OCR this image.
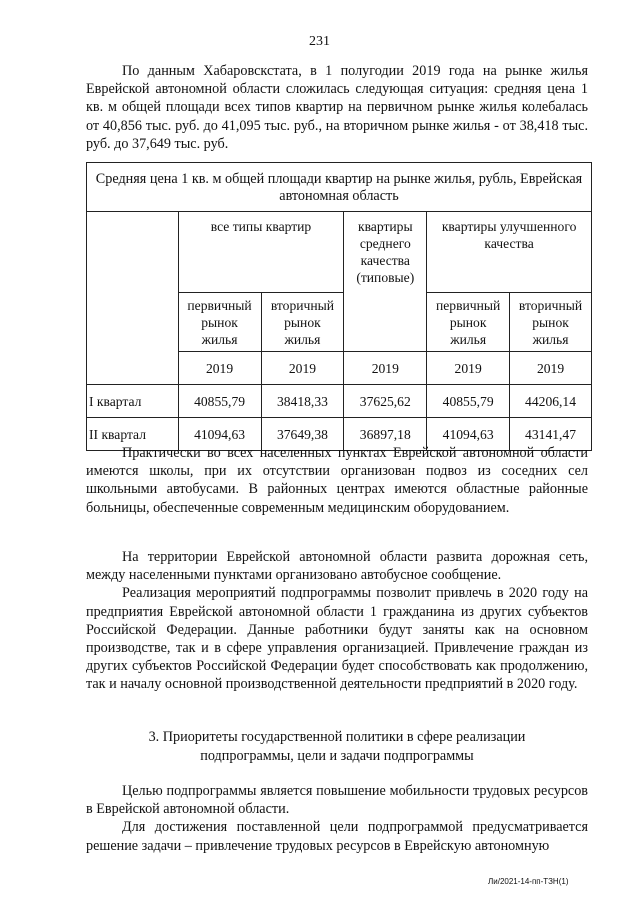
231

По данным Хабаровскстата, в 1 полугодии 2019 года на рынке жилья Еврейской автономной области сложилась следующая ситуация: средняя цена 1 кв. м общей площади всех типов квартир на первичном рынке жилья колебалась от 40,856 тыс. руб. до 41,095 тыс. руб., на вторичном рынке жилья - от 38,418 тыс. руб. до 37,649 тыс. руб.

Средняя цена 1 кв. м общей площади квартир на рынке жилья, рубль, Еврейская автономная область					
	все типы квартир		квартиры среднего качества (типовые)	квартиры улучшенного качества	
	первичный рынок жилья	вторичный рынок жилья		первичный рынок жилья	вторичный рынок жилья
	2019	2019	2019	2019	2019
I квартал	40855,79	38418,33	37625,62	40855,79	44206,14
II квартал	41094,63	37649,38	36897,18	41094,63	43141,47

Практически во всех населенных пунктах Еврейской автономной области имеются школы, при их отсутствии организован подвоз из соседних сел школьными автобусами. В районных центрах имеются областные районные больницы, обеспеченные современным медицинским оборудованием.

На территории Еврейской автономной области развита дорожная сеть, между населенными пунктами организовано автобусное сообщение.

Реализация мероприятий подпрограммы позволит привлечь в 2020 году на предприятия Еврейской автономной области 1 гражданина из других субъектов Российской Федерации. Данные работники будут заняты как на основном производстве, так и в сфере управления организацией. Привлечение граждан из других субъектов Российской Федерации будет способствовать как продолжению, так и началу основной производственной деятельности предприятий в 2020 году.

3. Приоритеты государственной политики в сфере реализации
подпрограммы, цели и задачи подпрограммы

Целью подпрограммы является повышение мобильности трудовых ресурсов в Еврейской автономной области.

Для достижения поставленной цели подпрограммой предусматривается решение задачи – привлечение трудовых ресурсов в Еврейскую автономную

Ли/2021-14-пп-ТЗН(1)
